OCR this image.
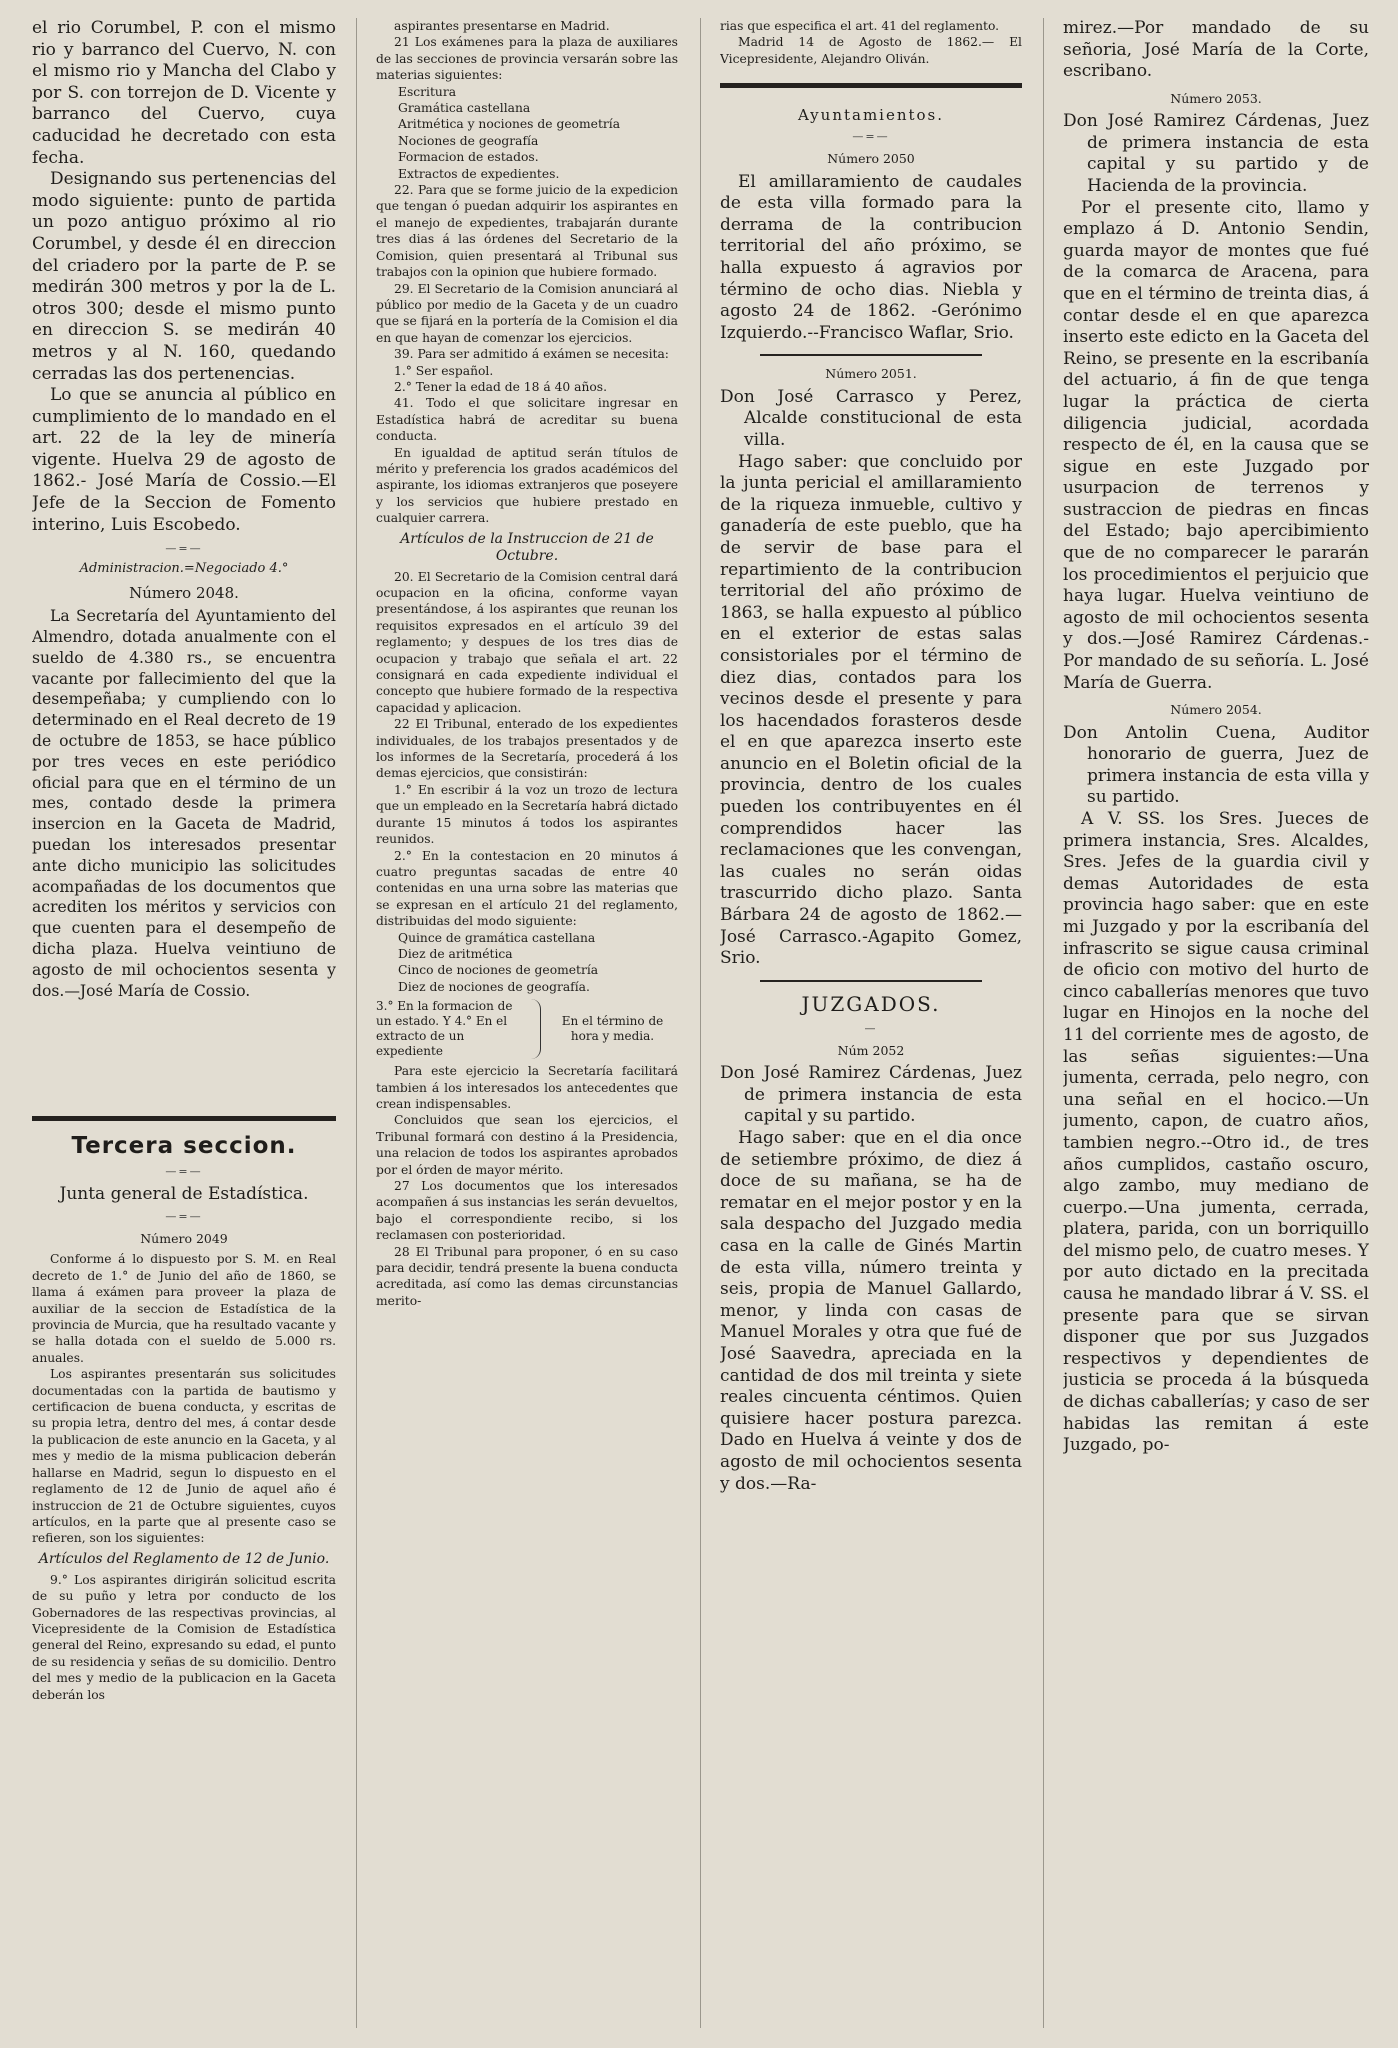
el rio Corumbel, P. con el mismo rio y barranco del Cuervo, N. con el mismo rio y Mancha del Clabo y por S. con torrejon de D. Vicente y barranco del Cuervo, cuya caducidad he decretado con esta fecha.

Designando sus pertenencias del modo siguiente: punto de partida un pozo antiguo próximo al rio Corumbel, y desde él en direccion del criadero por la parte de P. se medirán 300 metros y por la de L. otros 300; desde el mismo punto en direccion S. se medirán 40 metros y al N. 160, quedando cerradas las dos pertenencias.

Lo que se anuncia al público en cumplimiento de lo mandado en el art. 22 de la ley de minería vigente. Huelva 29 de agosto de 1862.- José María de Cossio.—El Jefe de la Seccion de Fomento interino, Luis Escobedo.

—=—
Administracion.=Negociado 4.°
Número 2048.

La Secretaría del Ayuntamiento del Almendro, dotada anualmente con el sueldo de 4.380 rs., se encuentra vacante por fallecimiento del que la desempeñaba; y cumpliendo con lo determinado en el Real decreto de 19 de octubre de 1853, se hace público por tres veces en este periódico oficial para que en el término de un mes, contado desde la primera insercion en la Gaceta de Madrid, puedan los interesados presentar ante dicho municipio las solicitudes acompañadas de los documentos que acrediten los méritos y servicios con que cuenten para el desempeño de dicha plaza. Huelva veintiuno de agosto de mil ochocientos sesenta y dos.—José María de Cossio.

Tercera seccion.
—=—
Junta general de Estadística.
—=—
Número 2049

Conforme á lo dispuesto por S. M. en Real decreto de 1.° de Junio del año de 1860, se llama á exámen para proveer la plaza de auxiliar de la seccion de Estadística de la provincia de Murcia, que ha resultado vacante y se halla dotada con el sueldo de 5.000 rs. anuales.

Los aspirantes presentarán sus solicitudes documentadas con la partida de bautismo y certificacion de buena conducta, y escritas de su propia letra, dentro del mes, á contar desde la publicacion de este anuncio en la Gaceta, y al mes y medio de la misma publicacion deberán hallarse en Madrid, segun lo dispuesto en el reglamento de 12 de Junio de aquel año é instruccion de 21 de Octubre siguientes, cuyos artículos, en la parte que al presente caso se refieren, son los siguientes:

Artículos del Reglamento de 12 de Junio.

9.° Los aspirantes dirigirán solicitud escrita de su puño y letra por conducto de los Gobernadores de las respectivas provincias, al Vicepresidente de la Comision de Estadística general del Reino, expresando su edad, el punto de su residencia y señas de su domicilio. Dentro del mes y medio de la publicacion en la Gaceta deberán los

aspirantes presentarse en Madrid.

21 Los exámenes para la plaza de auxiliares de las secciones de provincia versarán sobre las materias siguientes:

Escritura

Gramática castellana

Aritmética y nociones de geometría

Nociones de geografía

Formacion de estados.

Extractos de expedientes.

22. Para que se forme juicio de la expedicion que tengan ó puedan adquirir los aspirantes en el manejo de expedientes, trabajarán durante tres dias á las órdenes del Secretario de la Comision, quien presentará al Tribunal sus trabajos con la opinion que hubiere formado.

29. El Secretario de la Comision anunciará al público por medio de la Gaceta y de un cuadro que se fijará en la portería de la Comision el dia en que hayan de comenzar los ejercicios.

39. Para ser admitido á exámen se necesita:

1.° Ser español.

2.° Tener la edad de 18 á 40 años.

41. Todo el que solicitare ingresar en Estadística habrá de acreditar su buena conducta.

En igualdad de aptitud serán títulos de mérito y preferencia los grados académicos del aspirante, los idiomas extranjeros que poseyere y los servicios que hubiere prestado en cualquier carrera.

Artículos de la Instruccion de 21 de Octubre.

20. El Secretario de la Comision central dará ocupacion en la oficina, conforme vayan presentándose, á los aspirantes que reunan los requisitos expresados en el artículo 39 del reglamento; y despues de los tres dias de ocupacion y trabajo que señala el art. 22 consignará en cada expediente individual el concepto que hubiere formado de la respectiva capacidad y aplicacion.

22 El Tribunal, enterado de los expedientes individuales, de los trabajos presentados y de los informes de la Secretaría, procederá á los demas ejercicios, que consistirán:

1.° En escribir á la voz un trozo de lectura que un empleado en la Secretaría habrá dictado durante 15 minutos á todos los aspirantes reunidos.

2.° En la contestacion en 20 minutos á cuatro preguntas sacadas de entre 40 contenidas en una urna sobre las materias que se expresan en el artículo 21 del reglamento, distribuidas del modo siguiente:

Quince de gramática castellana

Diez de aritmética

Cinco de nociones de geometría

Diez de nociones de geografía.

3.° En la formacion de un estado. Y 4.° En el extracto de un expediente
En el término de hora y media.

Para este ejercicio la Secretaría facilitará tambien á los interesados los antecedentes que crean indispensables.

Concluidos que sean los ejercicios, el Tribunal formará con destino á la Presidencia, una relacion de todos los aspirantes aprobados por el órden de mayor mérito.

27 Los documentos que los interesados acompañen á sus instancias les serán devueltos, bajo el correspondiente recibo, si los reclamasen con posterioridad.

28 El Tribunal para proponer, ó en su caso para decidir, tendrá presente la buena conducta acreditada, así como las demas circunstancias merito-

rias que especifica el art. 41 del reglamento.

Madrid 14 de Agosto de 1862.— El Vicepresidente, Alejandro Oliván.

Ayuntamientos.
—=—
Número 2050

El amillaramiento de caudales de esta villa formado para la derrama de la contribucion territorial del año próximo, se halla expuesto á agravios por término de ocho dias. Niebla y agosto 24 de 1862. -Gerónimo Izquierdo.--Francisco Waflar, Srio.

Número 2051.

Don José Carrasco y Perez, Alcalde constitucional de esta villa.

Hago saber: que concluido por la junta pericial el amillaramiento de la riqueza inmueble, cultivo y ganadería de este pueblo, que ha de servir de base para el repartimiento de la contribucion territorial del año próximo de 1863, se halla expuesto al público en el exterior de estas salas consistoriales por el término de diez dias, contados para los vecinos desde el presente y para los hacendados forasteros desde el en que aparezca inserto este anuncio en el Boletin oficial de la provincia, dentro de los cuales pueden los contribuyentes en él comprendidos hacer las reclamaciones que les convengan, las cuales no serán oidas trascurrido dicho plazo. Santa Bárbara 24 de agosto de 1862.—José Carrasco.-Agapito Gomez, Srio.

JUZGADOS.
—
Núm 2052

Don José Ramirez Cárdenas, Juez de primera instancia de esta capital y su partido.

Hago saber: que en el dia once de setiembre próximo, de diez á doce de su mañana, se ha de rematar en el mejor postor y en la sala despacho del Juzgado media casa en la calle de Ginés Martin de esta villa, número treinta y seis, propia de Manuel Gallardo, menor, y linda con casas de Manuel Morales y otra que fué de José Saavedra, apreciada en la cantidad de dos mil treinta y siete reales cincuenta céntimos. Quien quisiere hacer postura parezca. Dado en Huelva á veinte y dos de agosto de mil ochocientos sesenta y dos.—Ra-

mirez.—Por mandado de su señoria, José María de la Corte, escribano.

Número 2053.

Don José Ramirez Cárdenas, Juez de primera instancia de esta capital y su partido y de Hacienda de la provincia.

Por el presente cito, llamo y emplazo á D. Antonio Sendin, guarda mayor de montes que fué de la comarca de Aracena, para que en el término de treinta dias, á contar desde el en que aparezca inserto este edicto en la Gaceta del Reino, se presente en la escribanía del actuario, á fin de que tenga lugar la práctica de cierta diligencia judicial, acordada respecto de él, en la causa que se sigue en este Juzgado por usurpacion de terrenos y sustraccion de piedras en fincas del Estado; bajo apercibimiento que de no comparecer le pararán los procedimientos el perjuicio que haya lugar. Huelva veintiuno de agosto de mil ochocientos sesenta y dos.—José Ramirez Cárdenas.-Por mandado de su señoría. L. José María de Guerra.

Número 2054.

Don Antolin Cuena, Auditor honorario de guerra, Juez de primera instancia de esta villa y su partido.

A V. SS. los Sres. Jueces de primera instancia, Sres. Alcaldes, Sres. Jefes de la guardia civil y demas Autoridades de esta provincia hago saber: que en este mi Juzgado y por la escribanía del infrascrito se sigue causa criminal de oficio con motivo del hurto de cinco caballerías menores que tuvo lugar en Hinojos en la noche del 11 del corriente mes de agosto, de las señas siguientes:—Una jumenta, cerrada, pelo negro, con una señal en el hocico.—Un jumento, capon, de cuatro años, tambien negro.--Otro id., de tres años cumplidos, castaño oscuro, algo zambo, muy mediano de cuerpo.—Una jumenta, cerrada, platera, parida, con un borriquillo del mismo pelo, de cuatro meses. Y por auto dictado en la precitada causa he mandado librar á V. SS. el presente para que se sirvan disponer que por sus Juzgados respectivos y dependientes de justicia se proceda á la búsqueda de dichas caballerías; y caso de ser habidas las remitan á este Juzgado, po-
